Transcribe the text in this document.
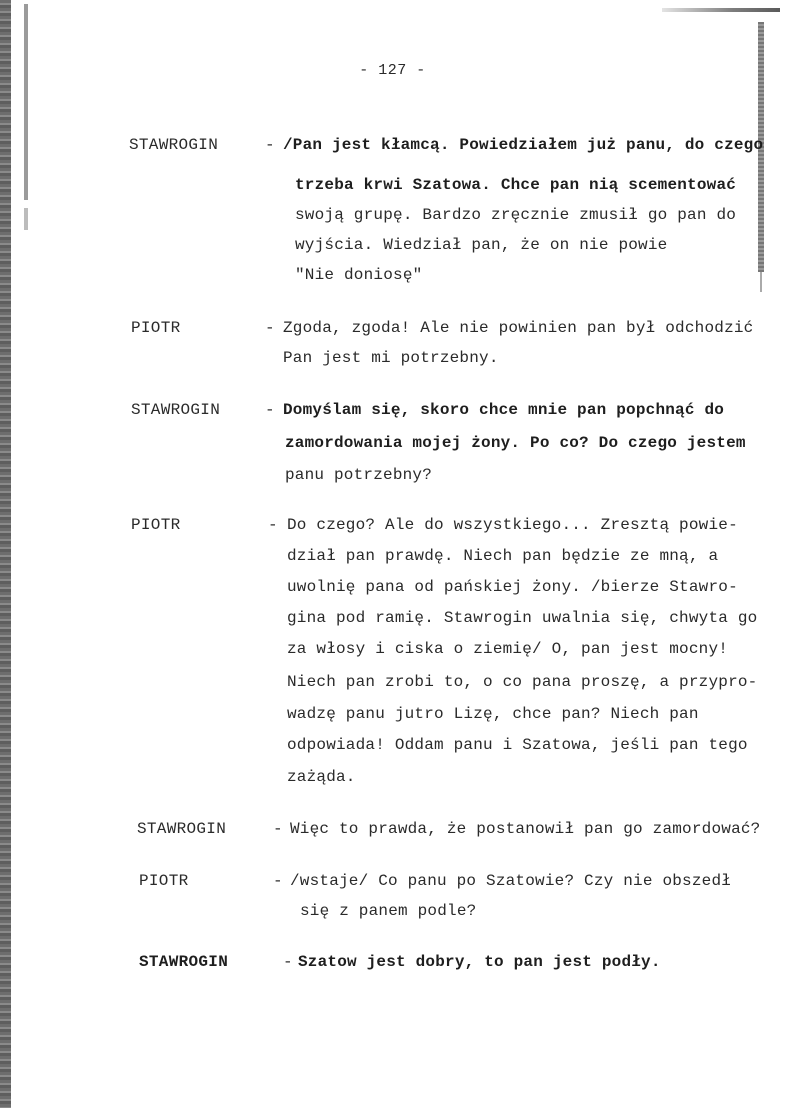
- 127 -
STAWROGIN	- /Pan jest kłamcą. Powiedziałem już panu, do czego
trzeba krwi Szatowa. Chce pan nią scementować
swoją grupę. Bardzo zręcznie zmusił go pan do
wyjścia. Wiedział pan, że on nie powie
"Nie doniosę"
PIOTR	- Zgoda, zgoda! Ale nie powinien pan był odchodzić
Pan jest mi potrzebny.
STAWROGIN	- Domyślam się, skoro chce mnie pan popchnąć do
zamordowania mojej żony. Po co? Do czego jestem
panu potrzebny?
PIOTR	- Do czego? Ale do wszystkiego... Zresztą powie-
dział pan prawdę. Niech pan będzie ze mną, a
uwolnię pana od pańskiej żony. /bierze Stawro-
gina pod ramię. Stawrogin uwalnia się, chwyta go
za włosy i ciska o ziemię/ O, pan jest mocny!
Niech pan zrobi to, o co pana proszę, a przypro-
wadzę panu jutro Lizę, chce pan? Niech pan
odpowiada! Oddam panu i Szatowa, jeśli pan tego
zażąda.
STAWROGIN	- Więc to prawda, że postanowił pan go zamordować?
PIOTR	- /wstaje/ Co panu po Szatowie? Czy nie obszedł
się z panem podle?
STAWROGIN	- Szatow jest dobry, to pan jest podły.
